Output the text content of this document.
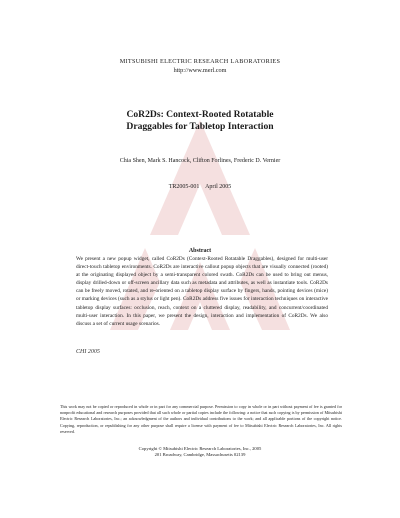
MITSUBISHI ELECTRIC RESEARCH LABORATORIES
http://www.merl.com
CoR2Ds: Context-Rooted Rotatable
Draggables for Tabletop Interaction
Chia Shen, Mark S. Hancock, Clifton Forlines, Frederic D. Vernier
TR2005-001    April 2005
Abstract

We present a new popup widget, called CoR2Ds (Context-Rooted Rotatable Draggables), designed for multi-user direct-touch tabletop environments. CoR2Ds are interactive callout popup objects that are visually connected (rooted) at the originating displayed object by a semi-transparent colored swath. CoR2Ds can be used to bring out menus, display drilled-down or off-screen ancillary data such as metadata and attributes, as well as instantiate tools. CoR2Ds can be freely moved, rotated, and re-oriented on a tabletop display surface by fingers, hands, pointing devices (mice) or marking devices (such as a stylus or light pen). CoR2Ds address five issues for interaction techniques on interactive tabletop display surfaces: occlusion, reach, context on a cluttered display, readability, and concurrent/coordinated multi-user interaction. In this paper, we present the design, interaction and implementation of CoR2Ds. We also discuss a set of current usage scenarios.

CHI 2005
This work may not be copied or reproduced in whole or in part for any commercial purpose. Permission to copy in whole or in part without payment of fee is granted for nonprofit educational and research purposes provided that all such whole or partial copies include the following: a notice that such copying is by permission of Mitsubishi Electric Research Laboratories, Inc.; an acknowledgment of the authors and individual contributions to the work; and all applicable portions of the copyright notice. Copying, reproduction, or republishing for any other purpose shall require a license with payment of fee to Mitsubishi Electric Research Laboratories, Inc. All rights reserved.
Copyright © Mitsubishi Electric Research Laboratories, Inc., 2005
201 Broadway, Cambridge, Massachusetts 02139
